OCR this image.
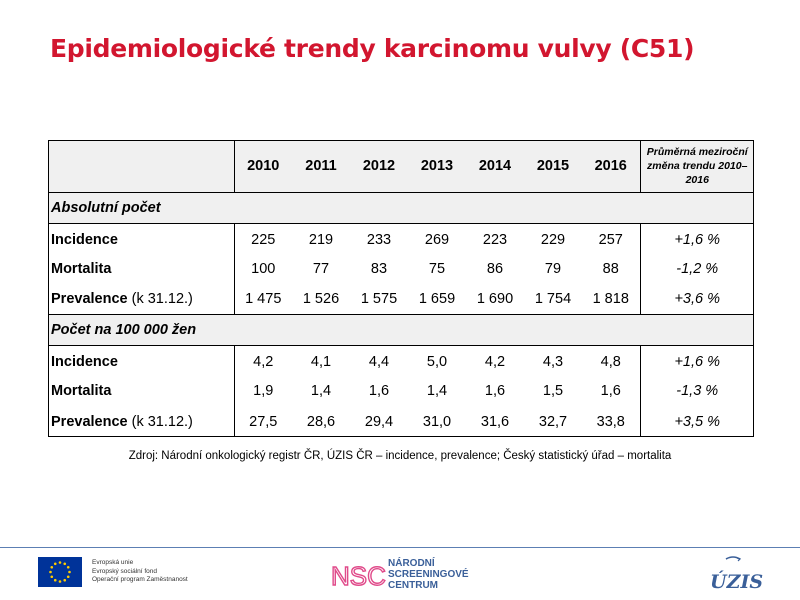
Epidemiologické trendy karcinomu vulvy (C51)
	2010	2011	2012	2013	2014	2015	2016	Průměrná meziroční změna trendu 2010–2016
Absolutní počet								
Incidence	225	219	233	269	223	229	257	+1,6 %
Mortalita	100	77	83	75	86	79	88	-1,2 %
Prevalence (k 31.12.)	1 475	1 526	1 575	1 659	1 690	1 754	1 818	+3,6 %
Počet na 100 000 žen								
Incidence	4,2	4,1	4,4	5,0	4,2	4,3	4,8	+1,6 %
Mortalita	1,9	1,4	1,6	1,4	1,6	1,5	1,6	-1,3 %
Prevalence (k 31.12.)	27,5	28,6	29,4	31,0	31,6	32,7	33,8	+3,5 %
Zdroj: Národní onkologický registr ČR, ÚZIS ČR – incidence, prevalence; Český statistický úřad – mortalita
Evropská unie
Evropský sociální fond
Operační program Zaměstnanost	NSC NÁRODNÍ
SCREENINGOVÉ
CENTRUM	ÚZIS
